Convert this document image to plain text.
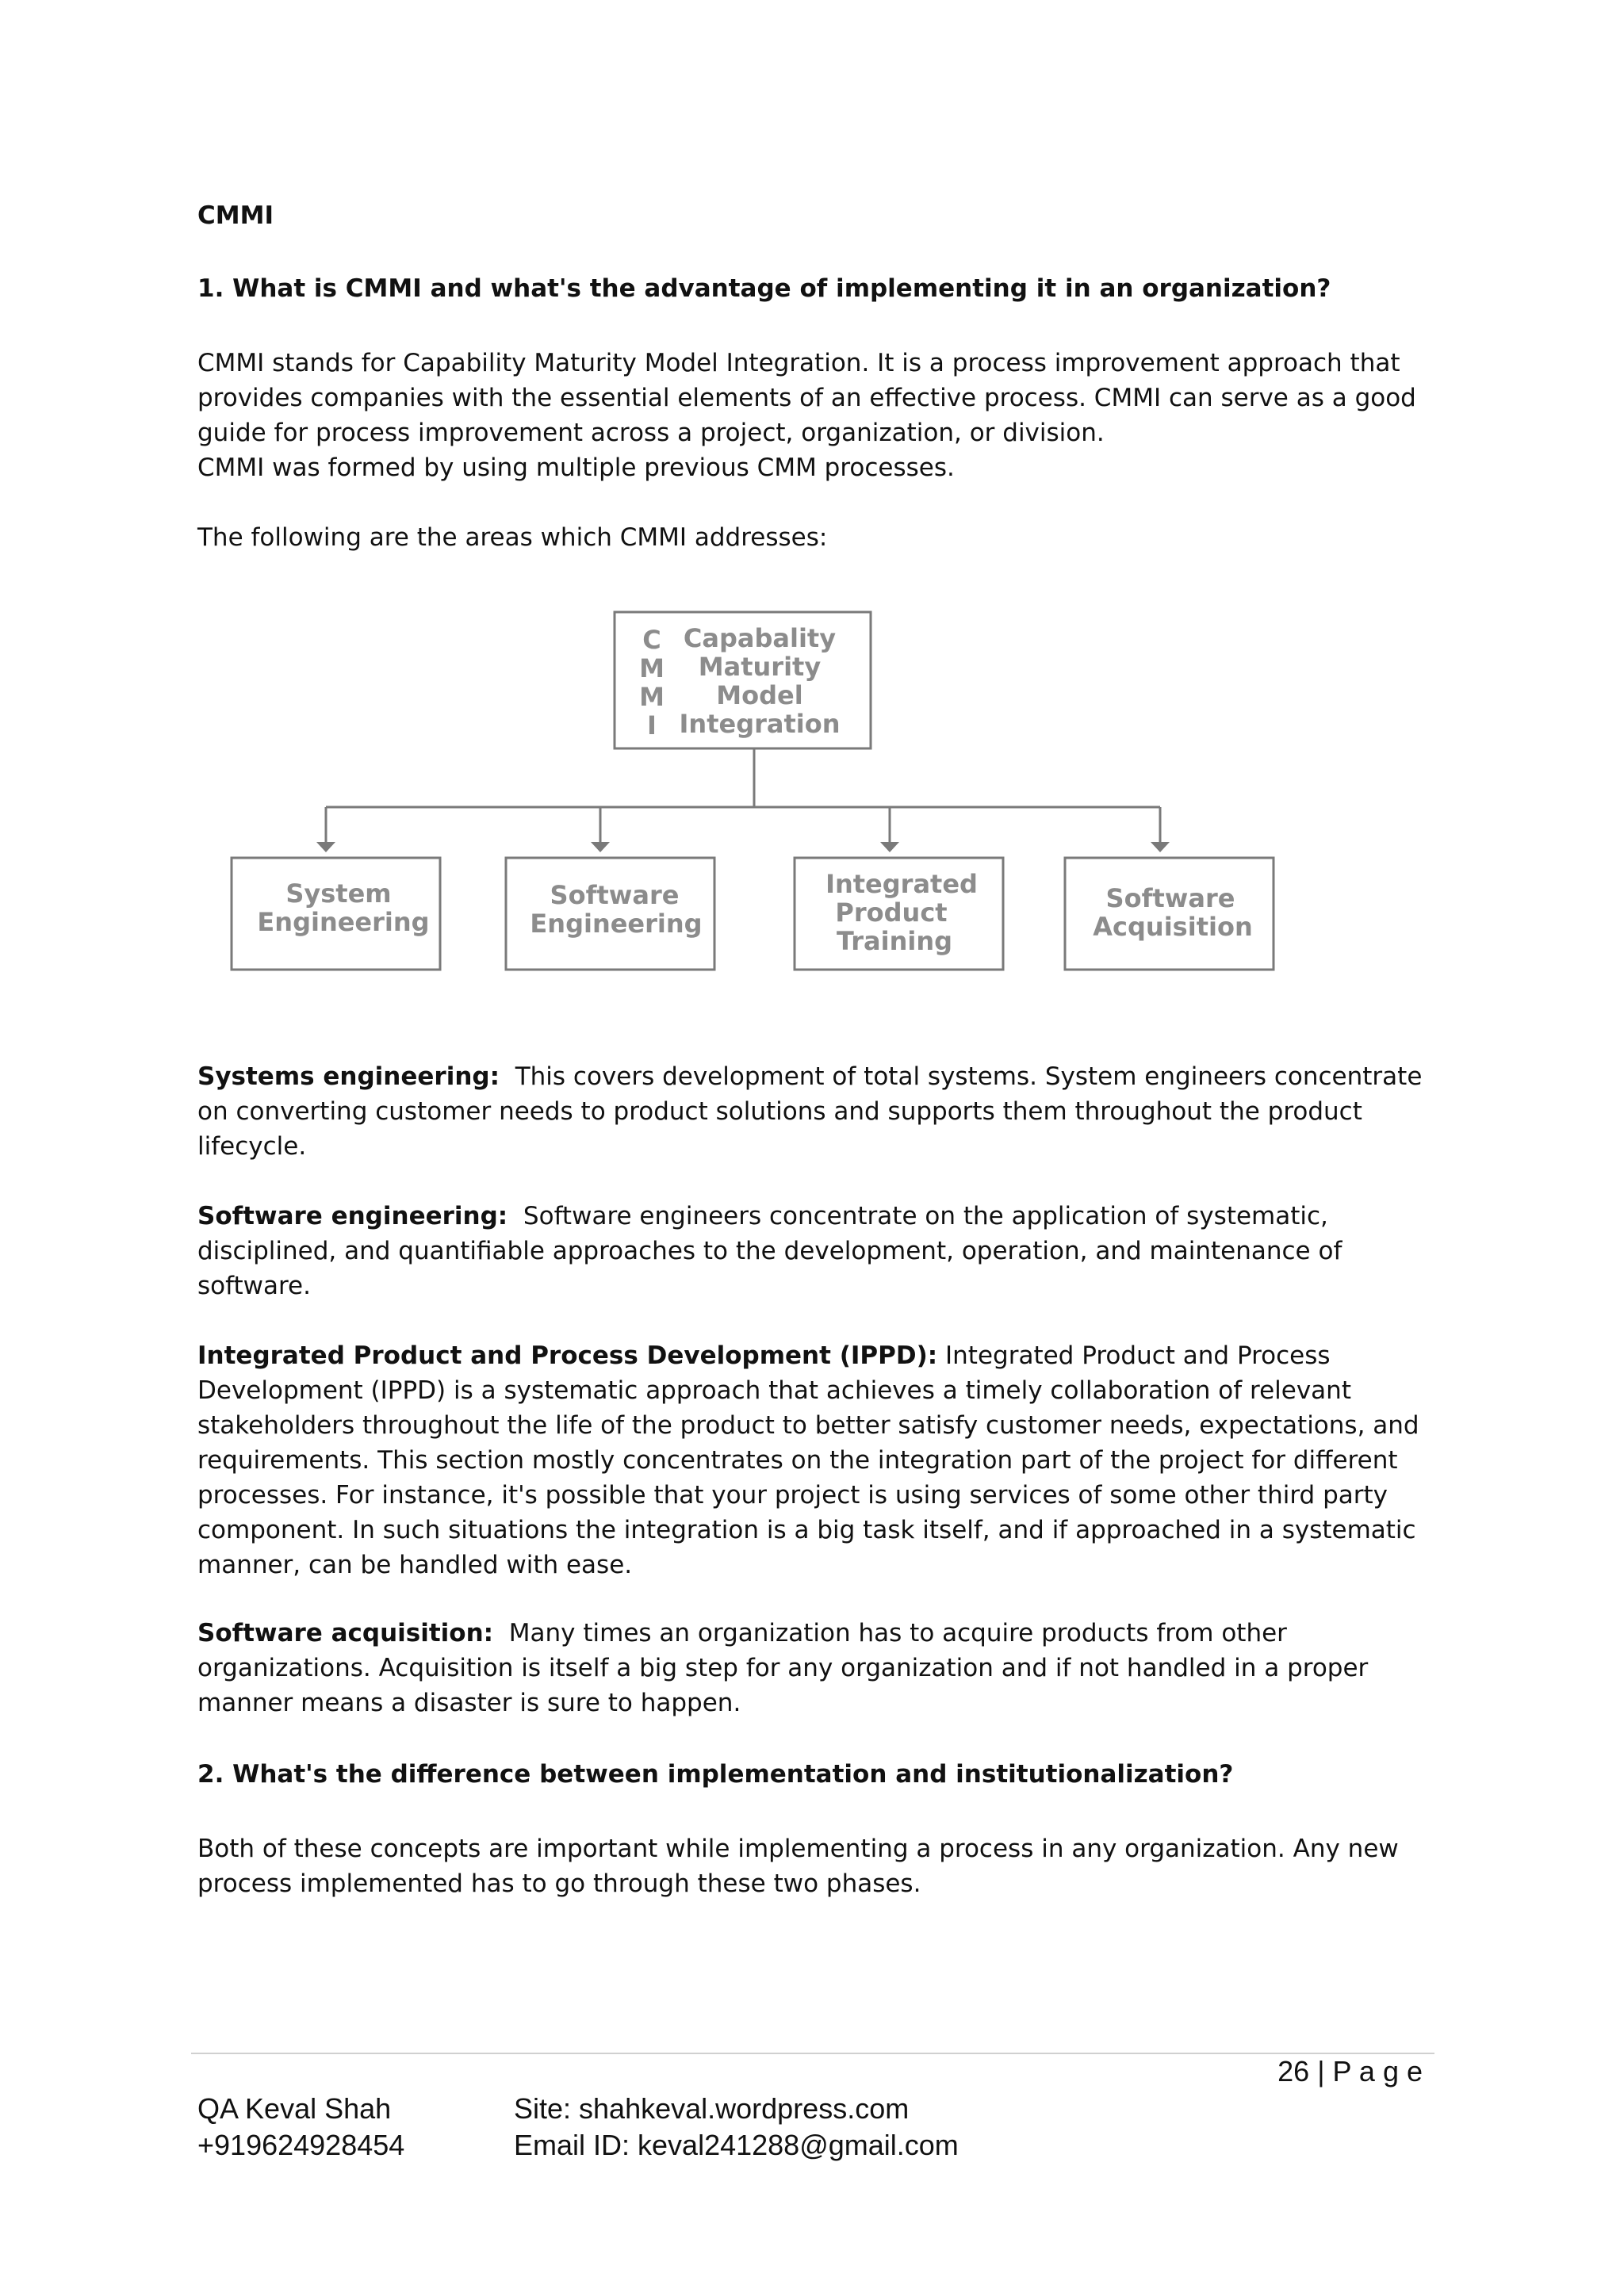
CMMI

1. What is CMMI and what's the advantage of implementing it in an organization?

CMMI stands for Capability Maturity Model Integration. It is a process improvement approach that provides companies with the essential elements of an effective process. CMMI can serve as a good guide for process improvement across a project, organization, or division.

CMMI was formed by using multiple previous CMM processes.

The following are the areas which CMMI addresses:

C
M
M
I
Capabality
Maturity
Model
Integration
System
Engineering
Software
Engineering
Integrated
Product
Training
Software
Acquisition

Systems engineering: This covers development of total systems. System engineers concentrate on converting customer needs to product solutions and supports them throughout the product lifecycle.

Software engineering: Software engineers concentrate on the application of systematic, disciplined, and quantifiable approaches to the development, operation, and maintenance of software.

Integrated Product and Process Development (IPPD): Integrated Product and Process Development (IPPD) is a systematic approach that achieves a timely collaboration of relevant stakeholders throughout the life of the product to better satisfy customer needs, expectations, and requirements. This section mostly concentrates on the integration part of the project for different processes. For instance, it's possible that your project is using services of some other third party component. In such situations the integration is a big task itself, and if approached in a systematic manner, can be handled with ease.

Software acquisition: Many times an organization has to acquire products from other organizations. Acquisition is itself a big step for any organization and if not handled in a proper manner means a disaster is sure to happen.

2. What's the difference between implementation and institutionalization?

Both of these concepts are important while implementing a process in any organization. Any new process implemented has to go through these two phases.

26 | P a g e
QA Keval Shah
+919624928454
Site: shahkeval.wordpress.com
Email ID: keval241288@gmail.com
